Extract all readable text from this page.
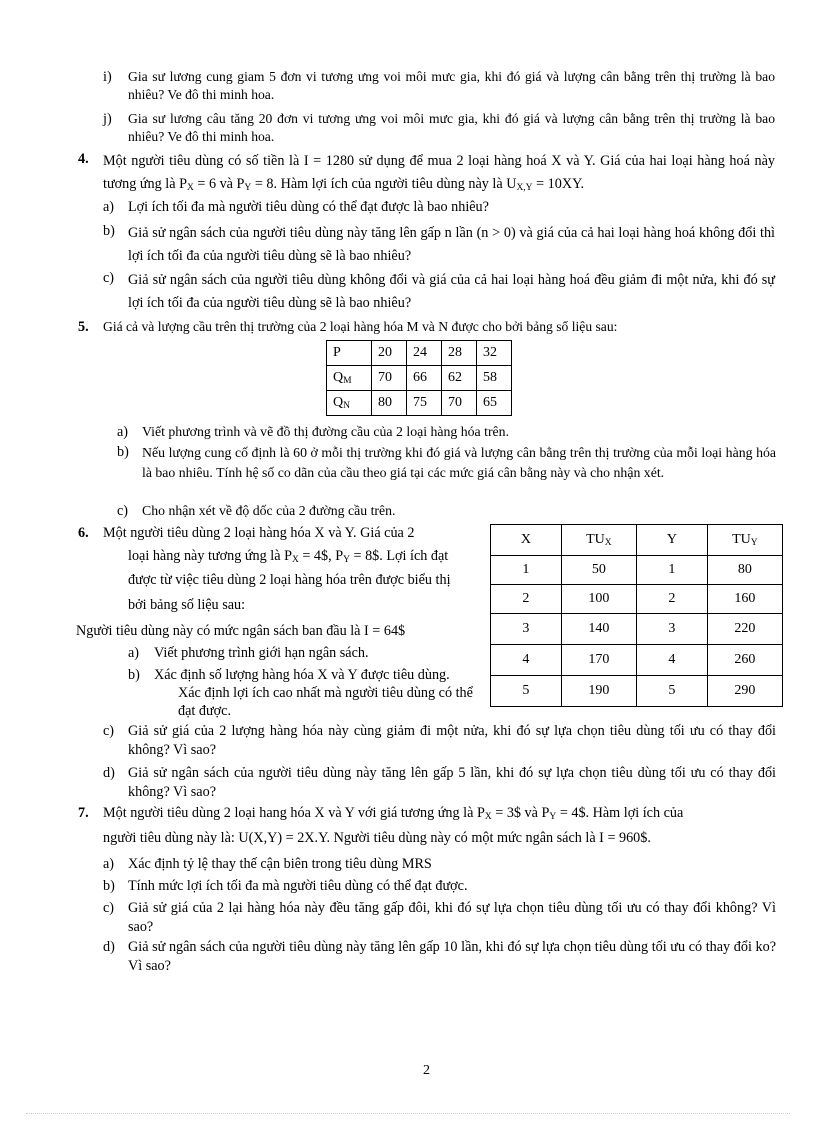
i) Gia sư lương cung giam 5 đơn vi tương ưng voi môi mưc gia, khi đó giá và lượng cân bằng trên thị trường là bao nhiêu? Ve đô thi minh hoa.
j) Gia sư lương câu tăng 20 đơn vi tương ưng voi môi mưc gia, khi đó giá và lượng cân bằng trên thị trường là bao nhiêu? Ve đô thi minh hoa.
4. Một người tiêu dùng có số tiền là I = 1280 sử dụng để mua 2 loại hàng hoá X và Y. Giá của hai loại hàng hoá này tương ứng là $P_X = 6$ và $P_Y = 8$. Hàm lợi ích của người tiêu dùng này là $U_{X,Y} = 10XY$.
a) Lợi ích tối đa mà người tiêu dùng có thể đạt được là bao nhiêu?
b) Giả sử ngân sách của người tiêu dùng này tăng lên gấp n lần (n > 0) và giá của cả hai loại hàng hoá không đổi thì lợi ích tối đa của người tiêu dùng sẽ là bao nhiêu?
c) Giả sử ngân sách của người tiêu dùng không đổi và giá của cả hai loại hàng hoá đều giảm đi một nửa, khi đó sự lợi ích tối đa của người tiêu dùng sẽ là bao nhiêu?
5. Giá cả và lượng cầu trên thị trường của 2 loại hàng hóa M và N được cho bởi bảng số liệu sau:
P	20	24	28	32
$Q_M$	70	66	62	58
$Q_N$	80	75	70	65
a) Viết phương trình và vẽ đồ thị đường cầu của 2 loại hàng hóa trên.
b) Nếu lượng cung cố định là 60 ở mỗi thị trường khi đó giá và lượng cân bằng trên thị trường của mỗi loại hàng hóa là bao nhiêu. Tính hệ số co dãn của cầu theo giá tại các mức giá cân bằng này và cho nhận xét.
c) Cho nhận xét về độ dốc của 2 đường cầu trên.
6. Một người tiêu dùng 2 loại hàng hóa X và Y. Giá của 2
loại hàng này tương ứng là $P_X$ = 4$, $P_Y$ = 8$. Lợi ích đạt
được từ việc tiêu dùng 2 loại hàng hóa trên được biểu thị
bởi bảng số liệu sau:
Người tiêu dùng này có mức ngân sách ban đầu là I = 64$
a) Viết phương trình giới hạn ngân sách.
b) Xác định số lượng hàng hóa X và Y được tiêu dùng.
Xác định lợi ích cao nhất mà người tiêu dùng có thể
đạt được.
X	$TU_X$	Y	$TU_Y$
1	50	1	80
2	100	2	160
3	140	3	220
4	170	4	260
5	190	5	290
c) Giả sử giá của 2 lượng hàng hóa này cùng giảm đi một nửa, khi đó sự lựa chọn tiêu dùng tối ưu có thay đổi không? Vì sao?
d) Giả sử ngân sách của người tiêu dùng này tăng lên gấp 5 lần, khi đó sự lựa chọn tiêu dùng tối ưu có thay đổi không? Vì sao?
7. Một người tiêu dùng 2 loại hang hóa X và Y với giá tương ứng là $P_X$ = 3$ và $P_Y$ = 4$. Hàm lợi ích của
người tiêu dùng này là: U(X,Y) = 2X.Y. Người tiêu dùng này có một mức ngân sách là I = 960$.
a) Xác định tỷ lệ thay thế cận biên trong tiêu dùng MRS
b) Tính mức lợi ích tối đa mà người tiêu dùng có thể đạt được.
c) Giả sử giá của 2 lại hàng hóa này đều tăng gấp đôi, khi đó sự lựa chọn tiêu dùng tối ưu có thay đổi không? Vì sao?
d) Giả sử ngân sách của người tiêu dùng này tăng lên gấp 10 lần, khi đó sự lựa chọn tiêu dùng tối ưu có thay đổi ko? Vì sao?
2
